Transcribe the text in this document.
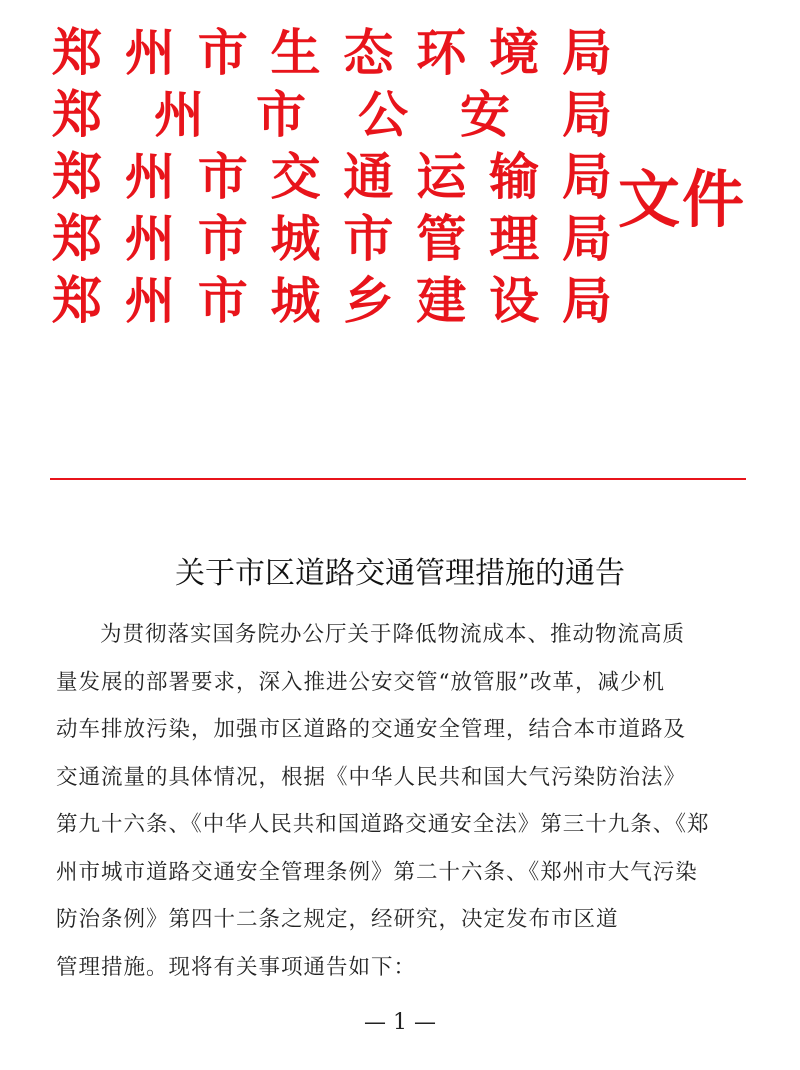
郑 州 市 生 态 环 境 局
郑 州 市 公 安 局
郑 州 市 交 通 运 输 局
郑 州 市 城 市 管 理 局
郑 州 市 城 乡 建 设 局
文件
关于市区道路交通管理措施的通告
为贯彻落实国务院办公厅关于降低物流成本、推动物流高质
量发展的部署要求，深入推进公安交管“放管服”改革，减少机
动车排放污染，加强市区道路的交通安全管理，结合本市道路及
交通流量的具体情况，根据《中华人民共和国大气污染防治法》
第九十六条、《中华人民共和国道路交通安全法》第三十九条、《郑
州市城市道路交通安全管理条例》第二十六条、《郑州市大气污染
防治条例》第四十二条之规定，经研究，决定发布市区道
管理措施。现将有关事项通告如下：
— 1 —
